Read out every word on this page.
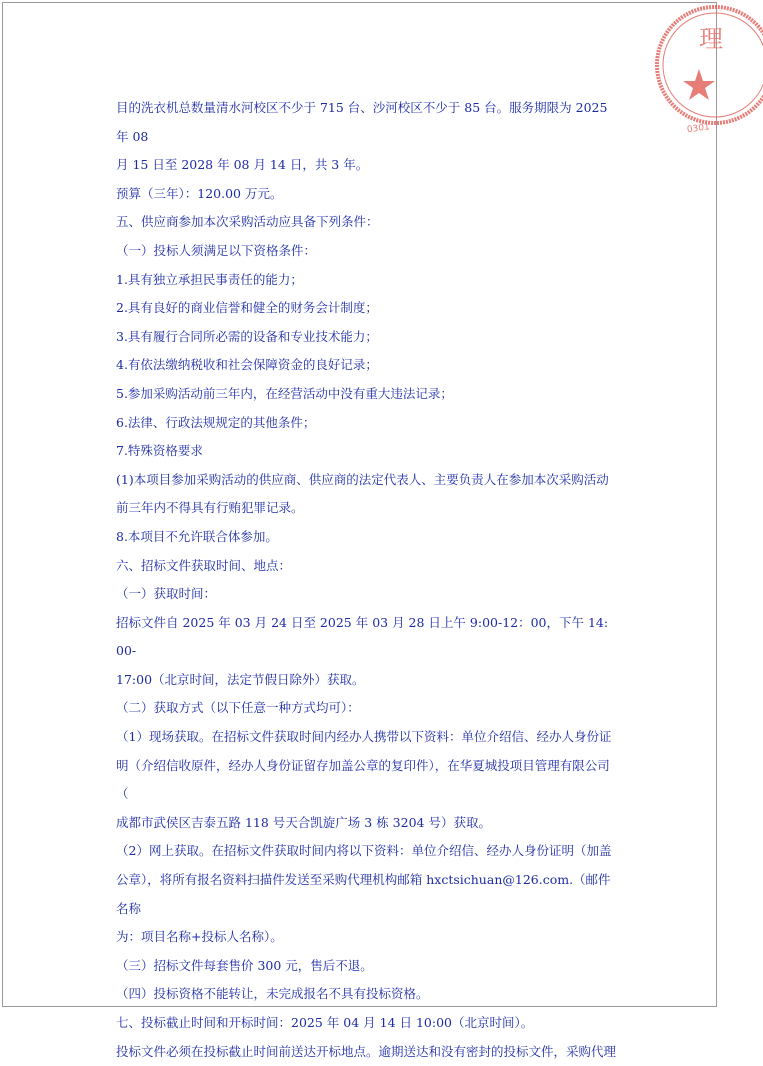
理
0301

目的洗衣机总数量清水河校区不少于 715 台、沙河校区不少于 85 台。服务期限为 2025 年 08

月 15 日至 2028 年 08 月 14 日，共 3 年。

预算（三年）：120.00 万元。

五、供应商参加本次采购活动应具备下列条件：

（一）投标人须满足以下资格条件：

1.具有独立承担民事责任的能力；

2.具有良好的商业信誉和健全的财务会计制度；

3.具有履行合同所必需的设备和专业技术能力；

4.有依法缴纳税收和社会保障资金的良好记录；

5.参加采购活动前三年内，在经营活动中没有重大违法记录；

6.法律、行政法规规定的其他条件；

7.特殊资格要求

(1)本项目参加采购活动的供应商、供应商的法定代表人、主要负责人在参加本次采购活动

前三年内不得具有行贿犯罪记录。

8.本项目不允许联合体参加。

六、招标文件获取时间、地点：

（一）获取时间：

招标文件自 2025 年 03 月 24 日至 2025 年 03 月 28 日上午 9:00-12：00，下午 14:00-

17:00（北京时间，法定节假日除外）获取。

（二）获取方式（以下任意一种方式均可）：

（1）现场获取。在招标文件获取时间内经办人携带以下资料：单位介绍信、经办人身份证

明（介绍信收原件，经办人身份证留存加盖公章的复印件），在华夏城投项目管理有限公司（

成都市武侯区吉泰五路 118 号天合凯旋广场 3 栋 3204 号）获取。

（2）网上获取。在招标文件获取时间内将以下资料：单位介绍信、经办人身份证明（加盖

公章），将所有报名资料扫描件发送至采购代理机构邮箱 hxctsichuan@126.com.（邮件名称

为：项目名称+投标人名称）。

（三）招标文件每套售价 300 元，售后不退。

（四）投标资格不能转让，未完成报名不具有投标资格。

七、投标截止时间和开标时间：2025 年 04 月 14 日 10:00（北京时间）。

投标文件必须在投标截止时间前送达开标地点。逾期送达和没有密封的投标文件，采购代理
